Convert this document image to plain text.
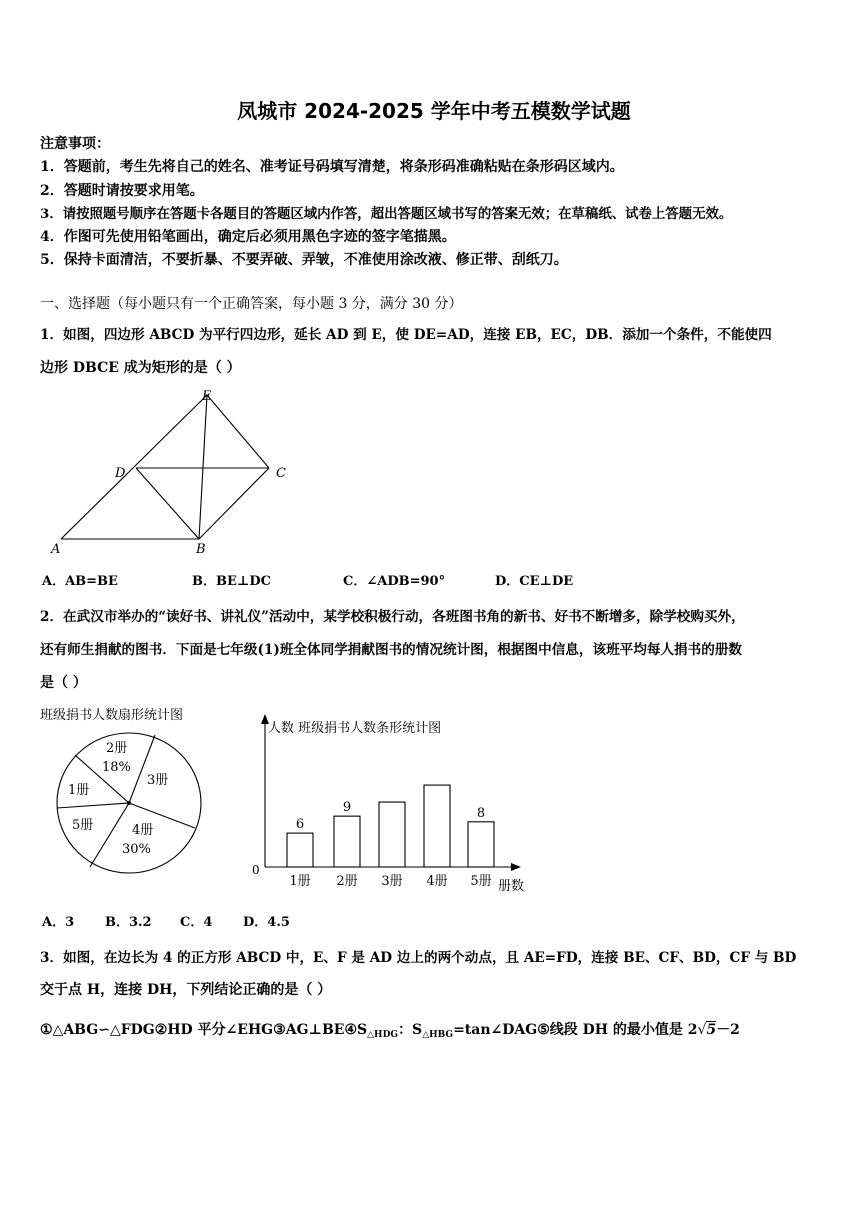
凤城市 2024-2025 学年中考五模数学试题
注意事项：
1．答题前，考生先将自己的姓名、准考证号码填写清楚，将条形码准确粘贴在条形码区域内。
2．答题时请按要求用笔。
3．请按照题号顺序在答题卡各题目的答题区域内作答，超出答题区域书写的答案无效；在草稿纸、试卷上答题无效。
4．作图可先使用铅笔画出，确定后必须用黑色字迹的签字笔描黑。
5．保持卡面清洁，不要折暴、不要弄破、弄皱，不准使用涂改液、修正带、刮纸刀。
一、选择题（每小题只有一个正确答案，每小题 3 分，满分 30 分）
1．如图，四边形 ABCD 为平行四边形，延长 AD 到 E，使 DE=AD，连接 EB，EC，DB．添加一个条件，不能使四
边形 DBCE 成为矩形的是（ ）
E
D	C
A	B
A．AB=BE	B．BE⊥DC	C．∠ADB=90°	D．CE⊥DE
2．在武汉市举办的“读好书、讲礼仪”活动中，某学校积极行动，各班图书角的新书、好书不断增多，除学校购买外，
还有师生捐献的图书．下面是七年级(1)班全体同学捐献图书的情况统计图，根据图中信息，该班平均每人捐书的册数
是（ ）
班级捐书人数扇形统计图
2册
18%
3册
1册
5册	4册
30%
人数 班级捐书人数条形统计图
0
册数
6
1册
9
2册 3册 4册
8
5册
A．3 B．3.2 C．4 D．4.5
3．如图，在边长为 4 的正方形 ABCD 中，E、F 是 AD 边上的两个动点，且 AE=FD，连接 BE、CF、BD，CF 与 BD
交于点 H，连接 DH，下列结论正确的是（ ）
①△ABG∽△FDG②HD 平分$\angle EHG③AG\perp BE④S_{\triangle HDG}$：$S_{\triangle HBG}=\tan\angle DAG⑤$线段 DH 的最小值是 2√5－2
